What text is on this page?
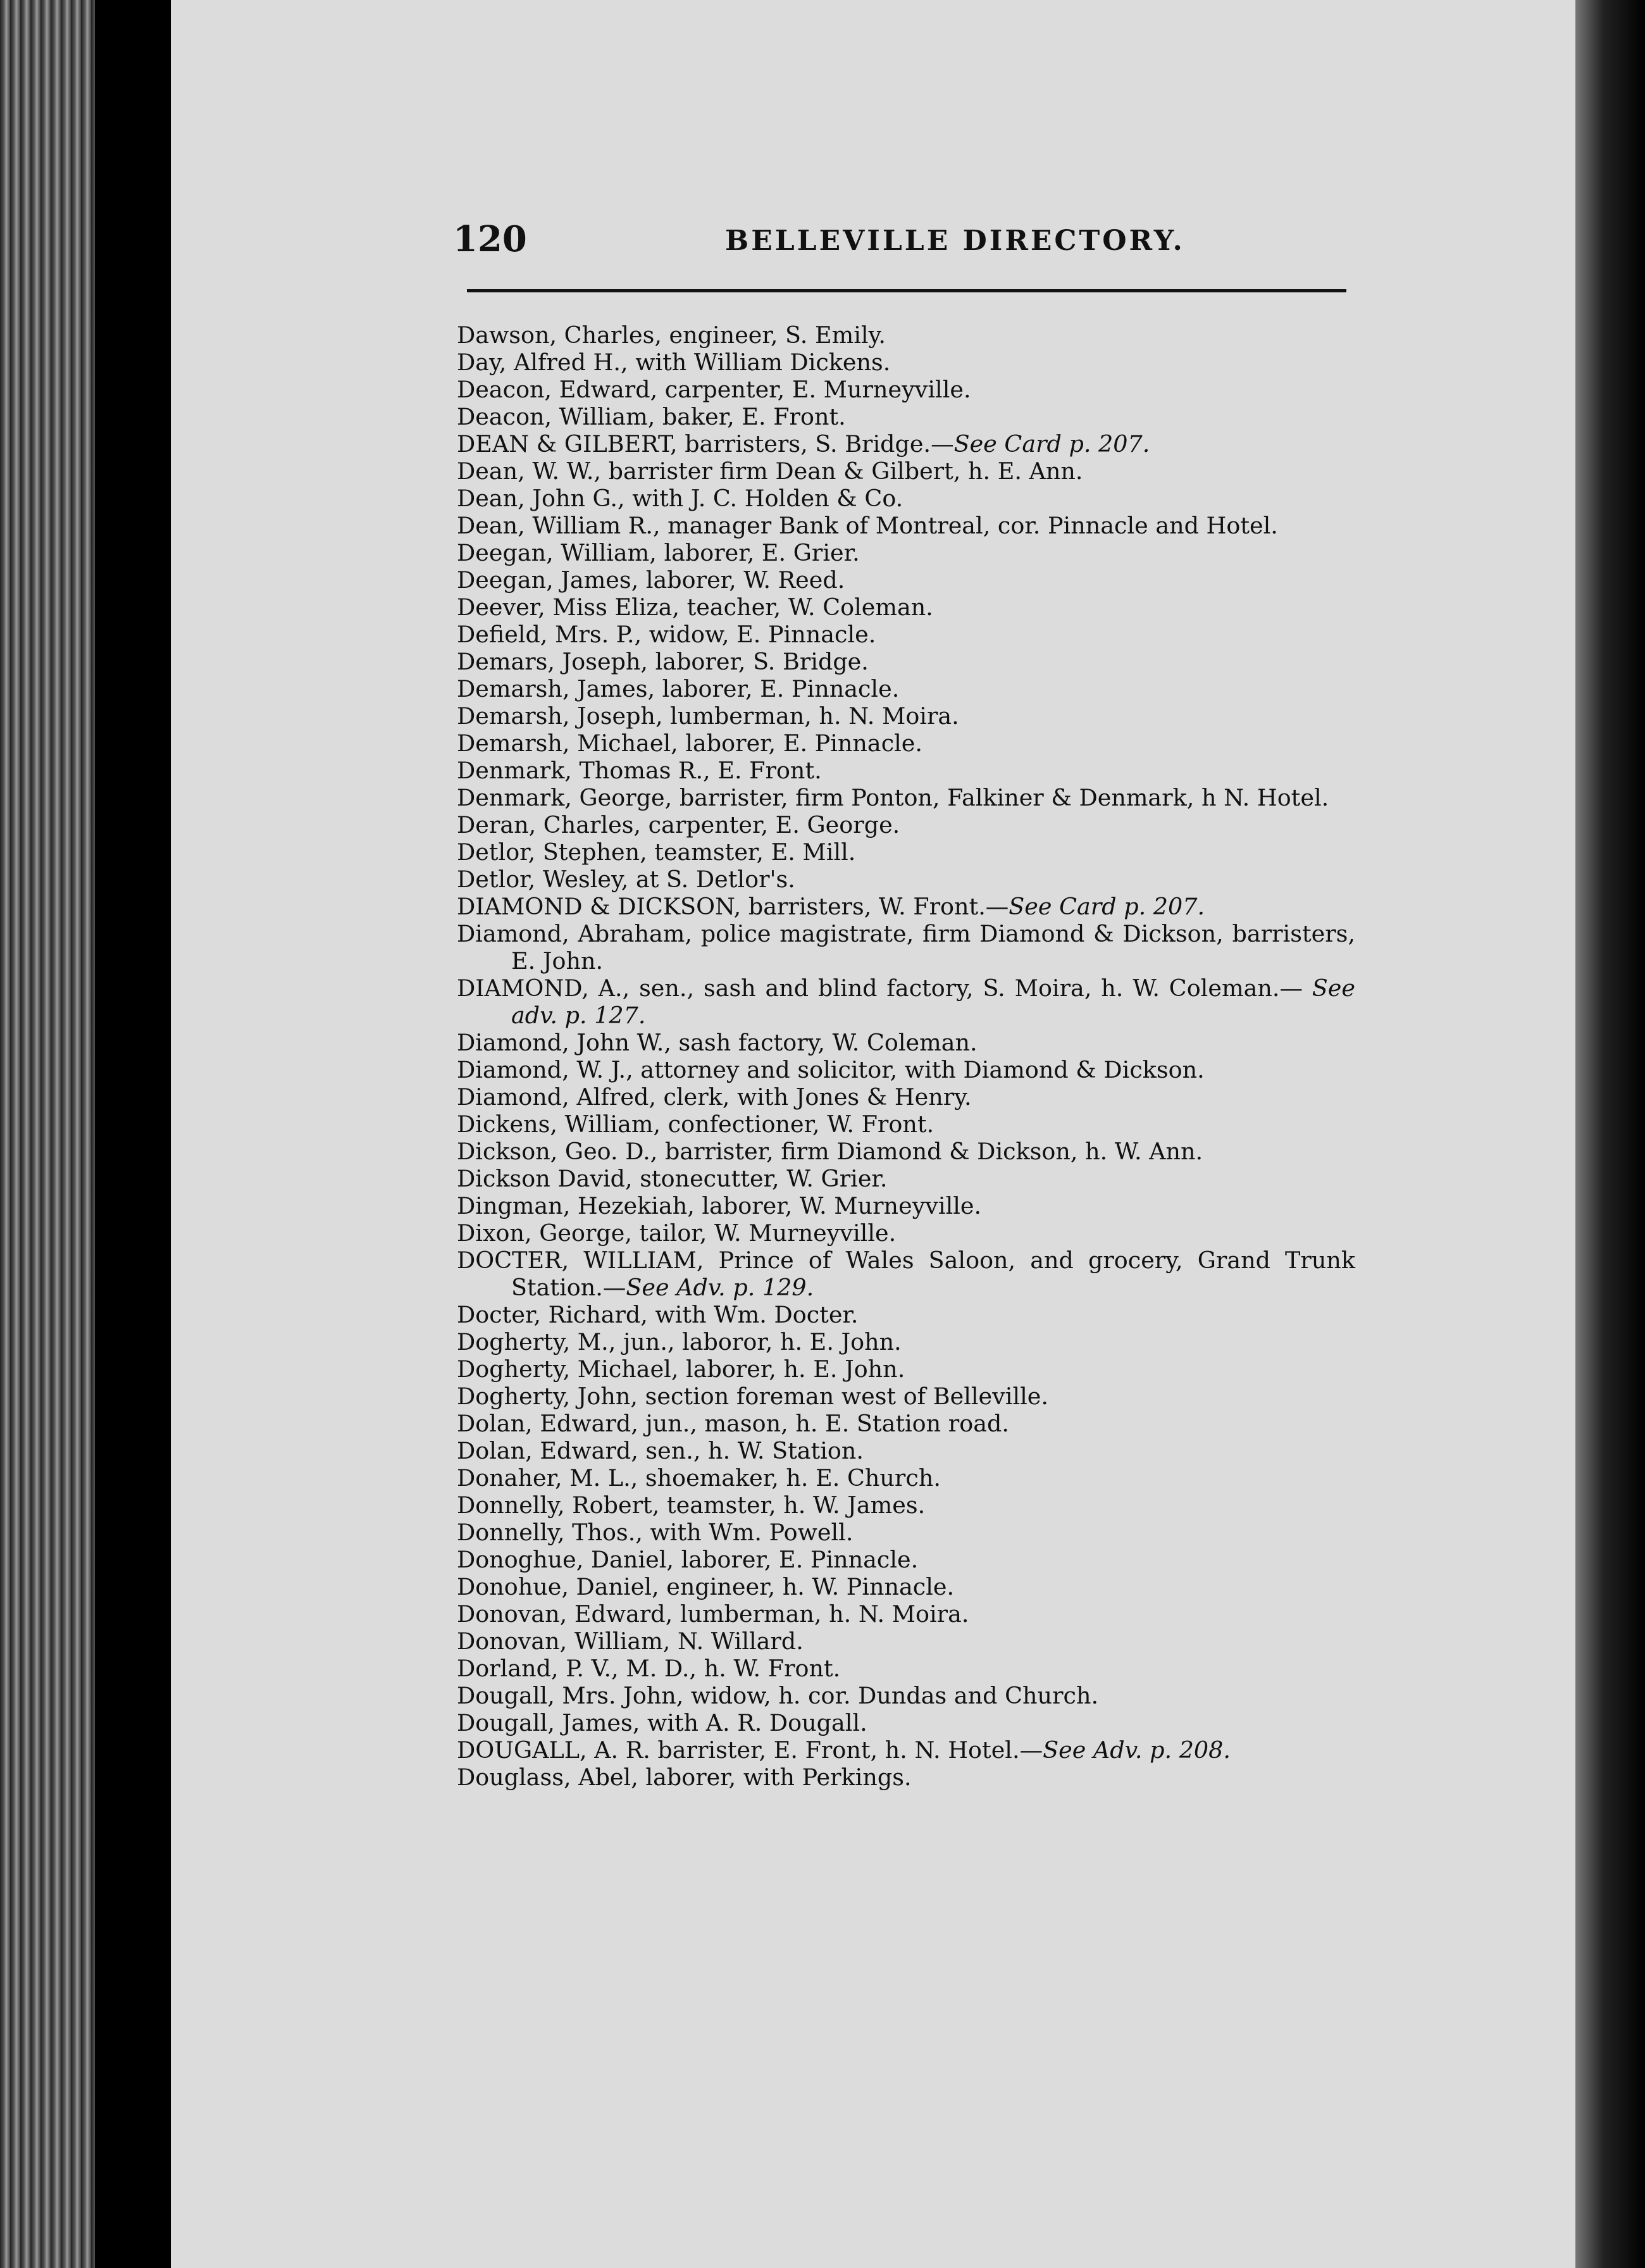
120	BELLEVILLE DIRECTORY.
Dawson, Charles, engineer, S. Emily.
Day, Alfred H., with William Dickens.
Deacon, Edward, carpenter, E. Murneyville.
Deacon, William, baker, E. Front.
DEAN & GILBERT, barristers, S. Bridge.—See Card p. 207.
Dean, W. W., barrister firm Dean & Gilbert, h. E. Ann.
Dean, John G., with J. C. Holden & Co.
Dean, William R., manager Bank of Montreal, cor. Pinnacle and Hotel.
Deegan, William, laborer, E. Grier.
Deegan, James, laborer, W. Reed.
Deever, Miss Eliza, teacher, W. Coleman.
Defield, Mrs. P., widow, E. Pinnacle.
Demars, Joseph, laborer, S. Bridge.
Demarsh, James, laborer, E. Pinnacle.
Demarsh, Joseph, lumberman, h. N. Moira.
Demarsh, Michael, laborer, E. Pinnacle.
Denmark, Thomas R., E. Front.
Denmark, George, barrister, firm Ponton, Falkiner & Denmark, h N. Hotel.
Deran, Charles, carpenter, E. George.
Detlor, Stephen, teamster, E. Mill.
Detlor, Wesley, at S. Detlor's.
DIAMOND & DICKSON, barristers, W. Front.—See Card p. 207.
Diamond, Abraham, police magistrate, firm Diamond & Dickson, barristers, E. John.
DIAMOND, A., sen., sash and blind factory, S. Moira, h. W. Coleman.— See adv. p. 127.
Diamond, John W., sash factory, W. Coleman.
Diamond, W. J., attorney and solicitor, with Diamond & Dickson.
Diamond, Alfred, clerk, with Jones & Henry.
Dickens, William, confectioner, W. Front.
Dickson, Geo. D., barrister, firm Diamond & Dickson, h. W. Ann.
Dickson David, stonecutter, W. Grier.
Dingman, Hezekiah, laborer, W. Murneyville.
Dixon, George, tailor, W. Murneyville.
DOCTER, WILLIAM, Prince of Wales Saloon, and grocery, Grand Trunk Station.—See Adv. p. 129.
Docter, Richard, with Wm. Docter.
Dogherty, M., jun., laboror, h. E. John.
Dogherty, Michael, laborer, h. E. John.
Dogherty, John, section foreman west of Belleville.
Dolan, Edward, jun., mason, h. E. Station road.
Dolan, Edward, sen., h. W. Station.
Donaher, M. L., shoemaker, h. E. Church.
Donnelly, Robert, teamster, h. W. James.
Donnelly, Thos., with Wm. Powell.
Donoghue, Daniel, laborer, E. Pinnacle.
Donohue, Daniel, engineer, h. W. Pinnacle.
Donovan, Edward, lumberman, h. N. Moira.
Donovan, William, N. Willard.
Dorland, P. V., M. D., h. W. Front.
Dougall, Mrs. John, widow, h. cor. Dundas and Church.
Dougall, James, with A. R. Dougall.
DOUGALL, A. R. barrister, E. Front, h. N. Hotel.—See Adv. p. 208.
Douglass, Abel, laborer, with Perkings.
